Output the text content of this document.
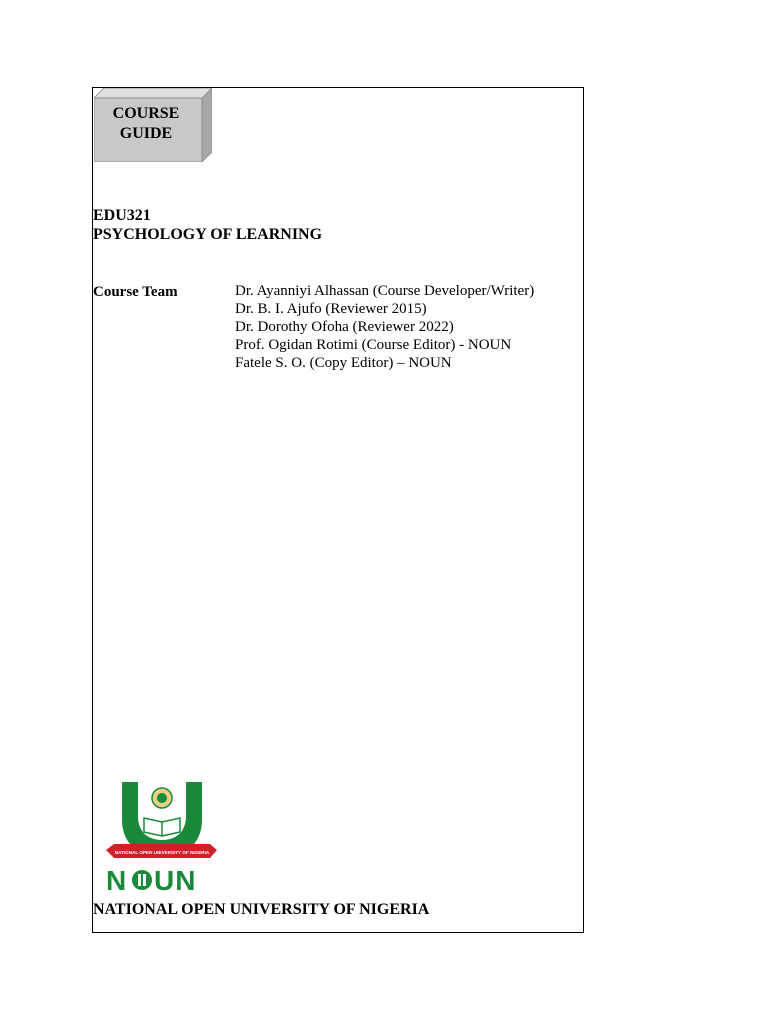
COURSE
GUIDE
EDU321
PSYCHOLOGY OF LEARNING
Course Team	Dr. Ayanniyi Alhassan (Course Developer/Writer)
Dr. B. I. Ajufo (Reviewer 2015)
Dr. Dorothy Ofoha (Reviewer 2022)
Prof. Ogidan Rotimi (Course Editor) - NOUN
Fatele S. O. (Copy Editor) – NOUN
NATIONAL OPEN UNIVERSITY OF NIGERIA
N UN
NATIONAL OPEN UNIVERSITY OF NIGERIA
